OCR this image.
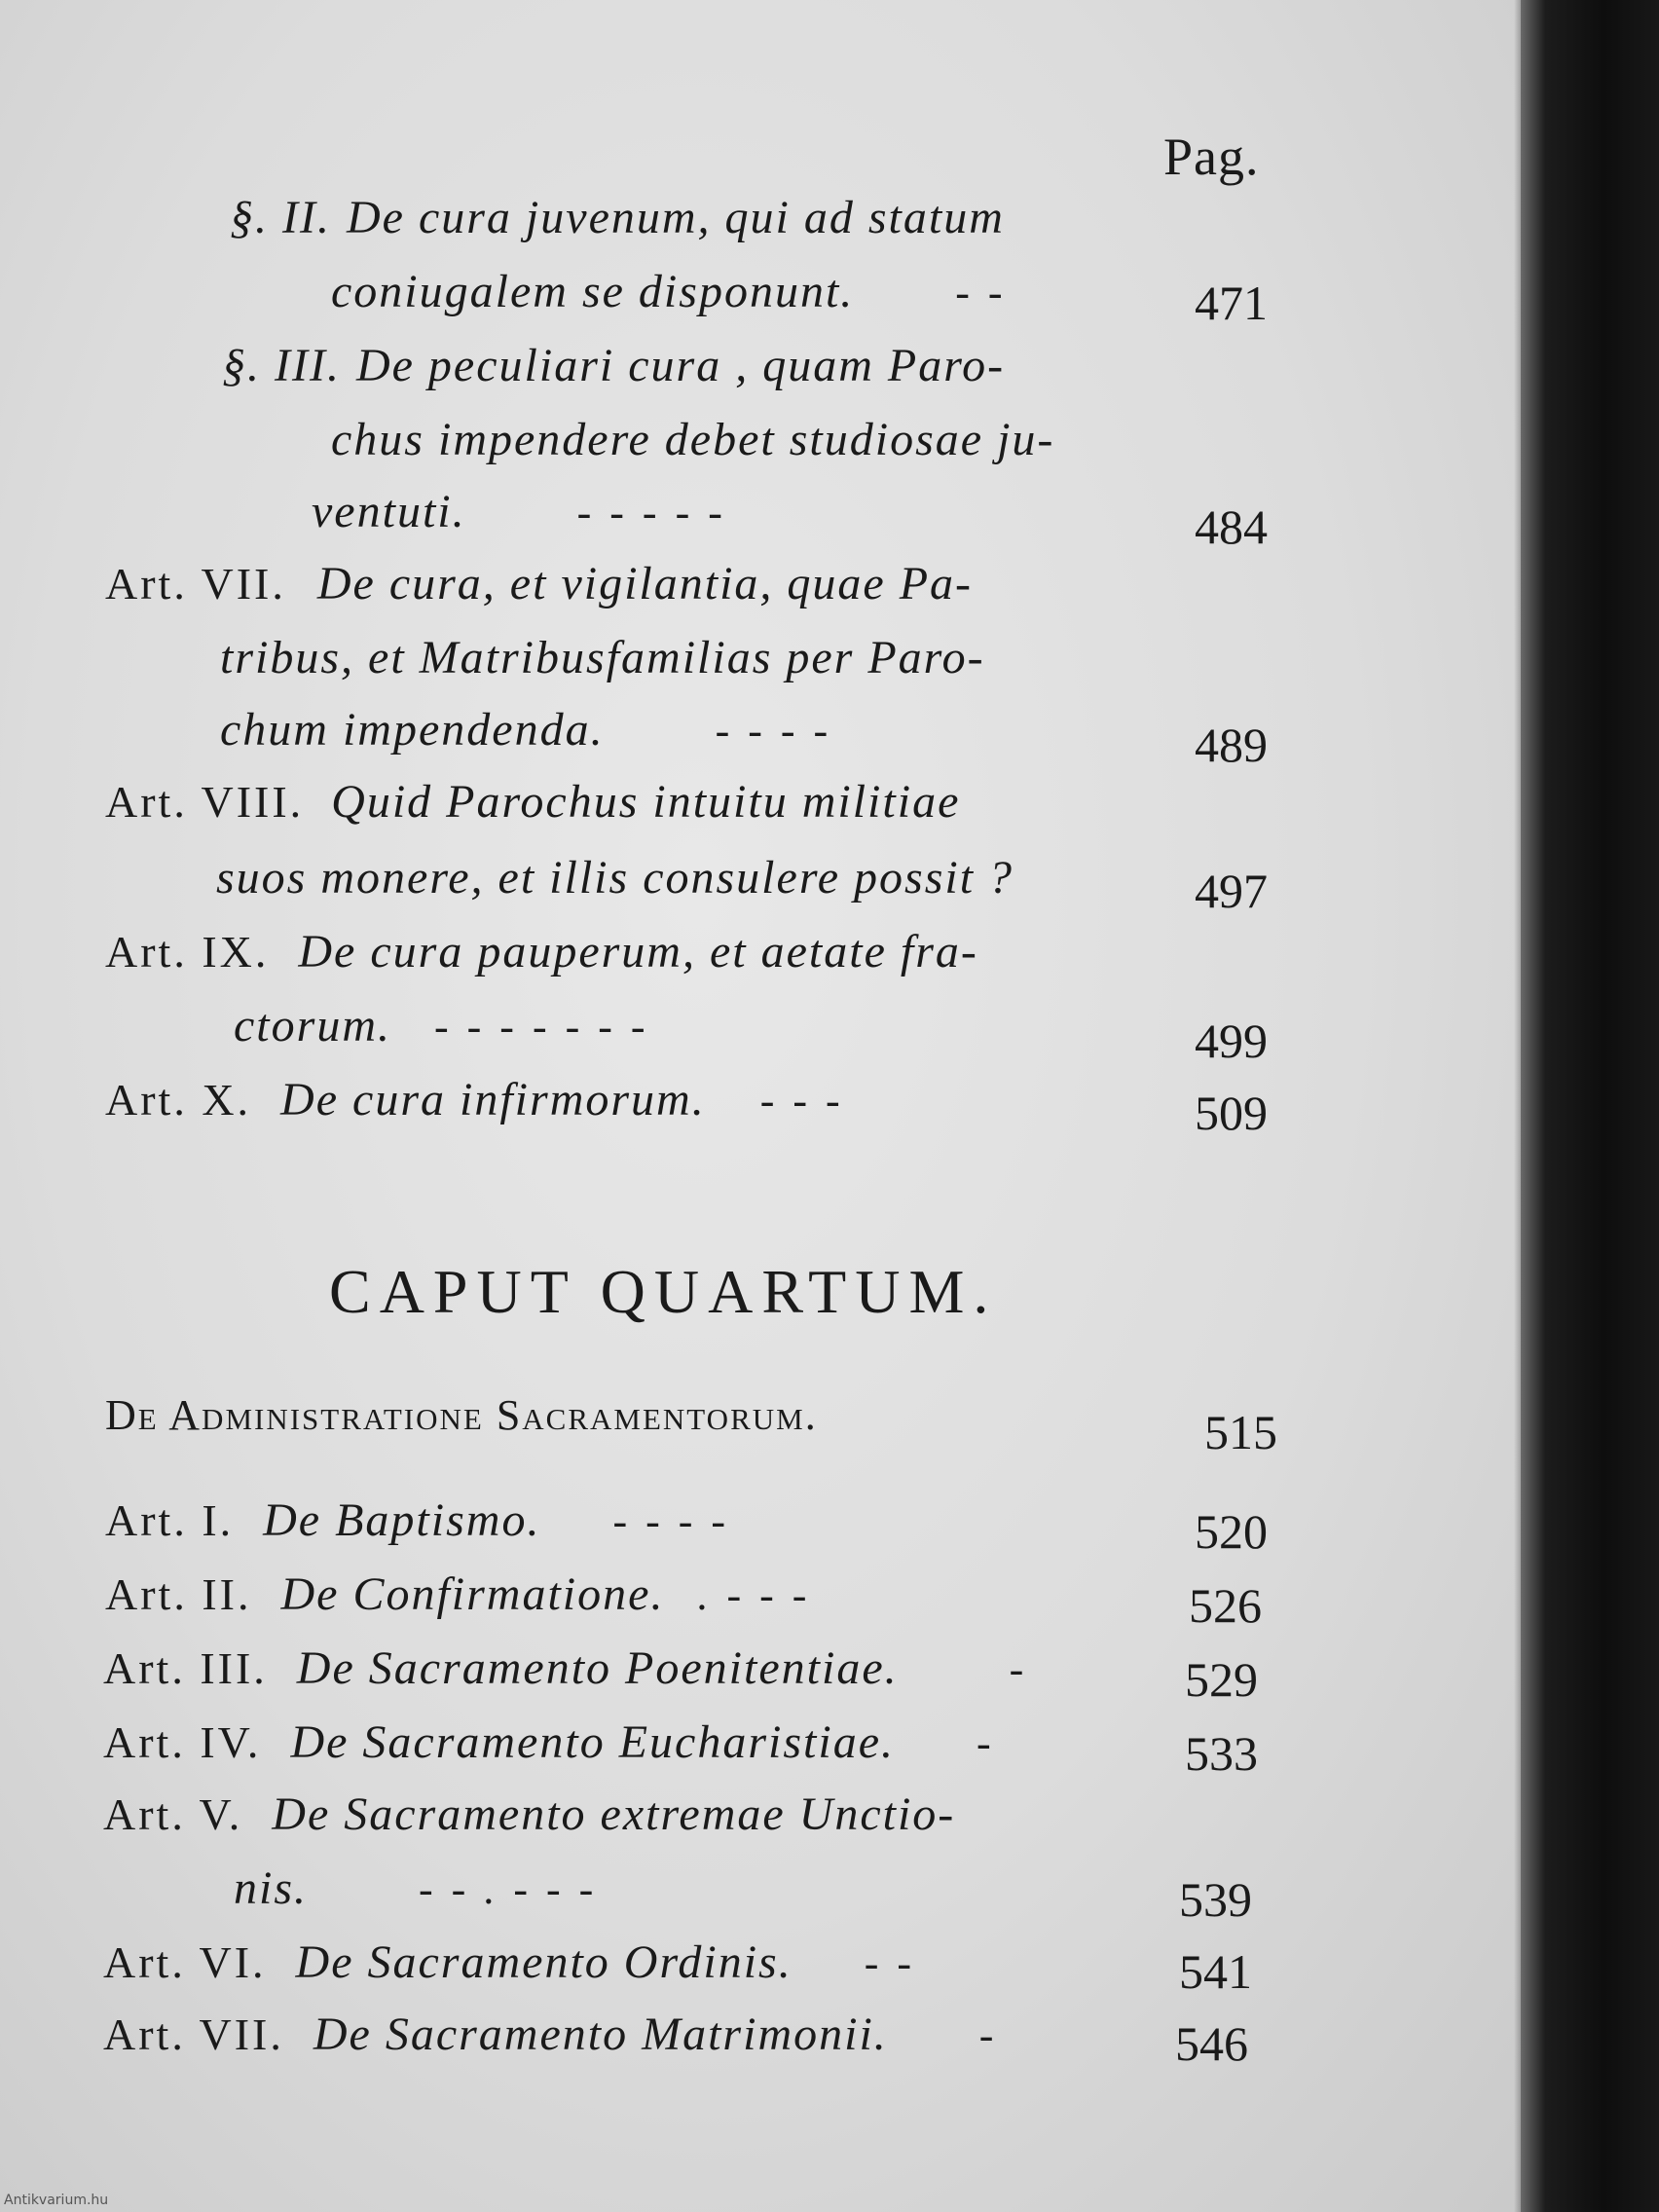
Pag.
§. II. De cura juvenum, qui ad statum
coniugalem se disponunt. - -	471
§. III. De peculiari cura , quam Paro-
chus impendere debet studiosae ju-
ventuti.	- - - - -	484
Art. VII. De cura, et vigilantia, quae Pa-
tribus, et Matribusfamilias per Paro-
chum impendenda.	- - - -	489
Art. VIII. Quid Parochus intuitu militiae
suos monere, et illis consulere possit ?	497
Art. IX. De cura pauperum, et aetate fra-
ctorum. - - - - - - -	499
Art. X. De cura infirmorum. - - -	509
CAPUT QUARTUM.
De Administratione Sacramentorum.	515
Art. I. De Baptismo. - - - -	520
Art. II. De Confirmatione. . - - -	526
Art. III. De Sacramento Poenitentiae.	-	529
Art. IV. De Sacramento Eucharistiae. -	533
Art. V. De Sacramento extremae Unctio-
nis.	- - . - - -	539
Art. VI. De Sacramento Ordinis. - -	541
Art. VII. De Sacramento Matrimonii. -	546
Antikvarium.hu
